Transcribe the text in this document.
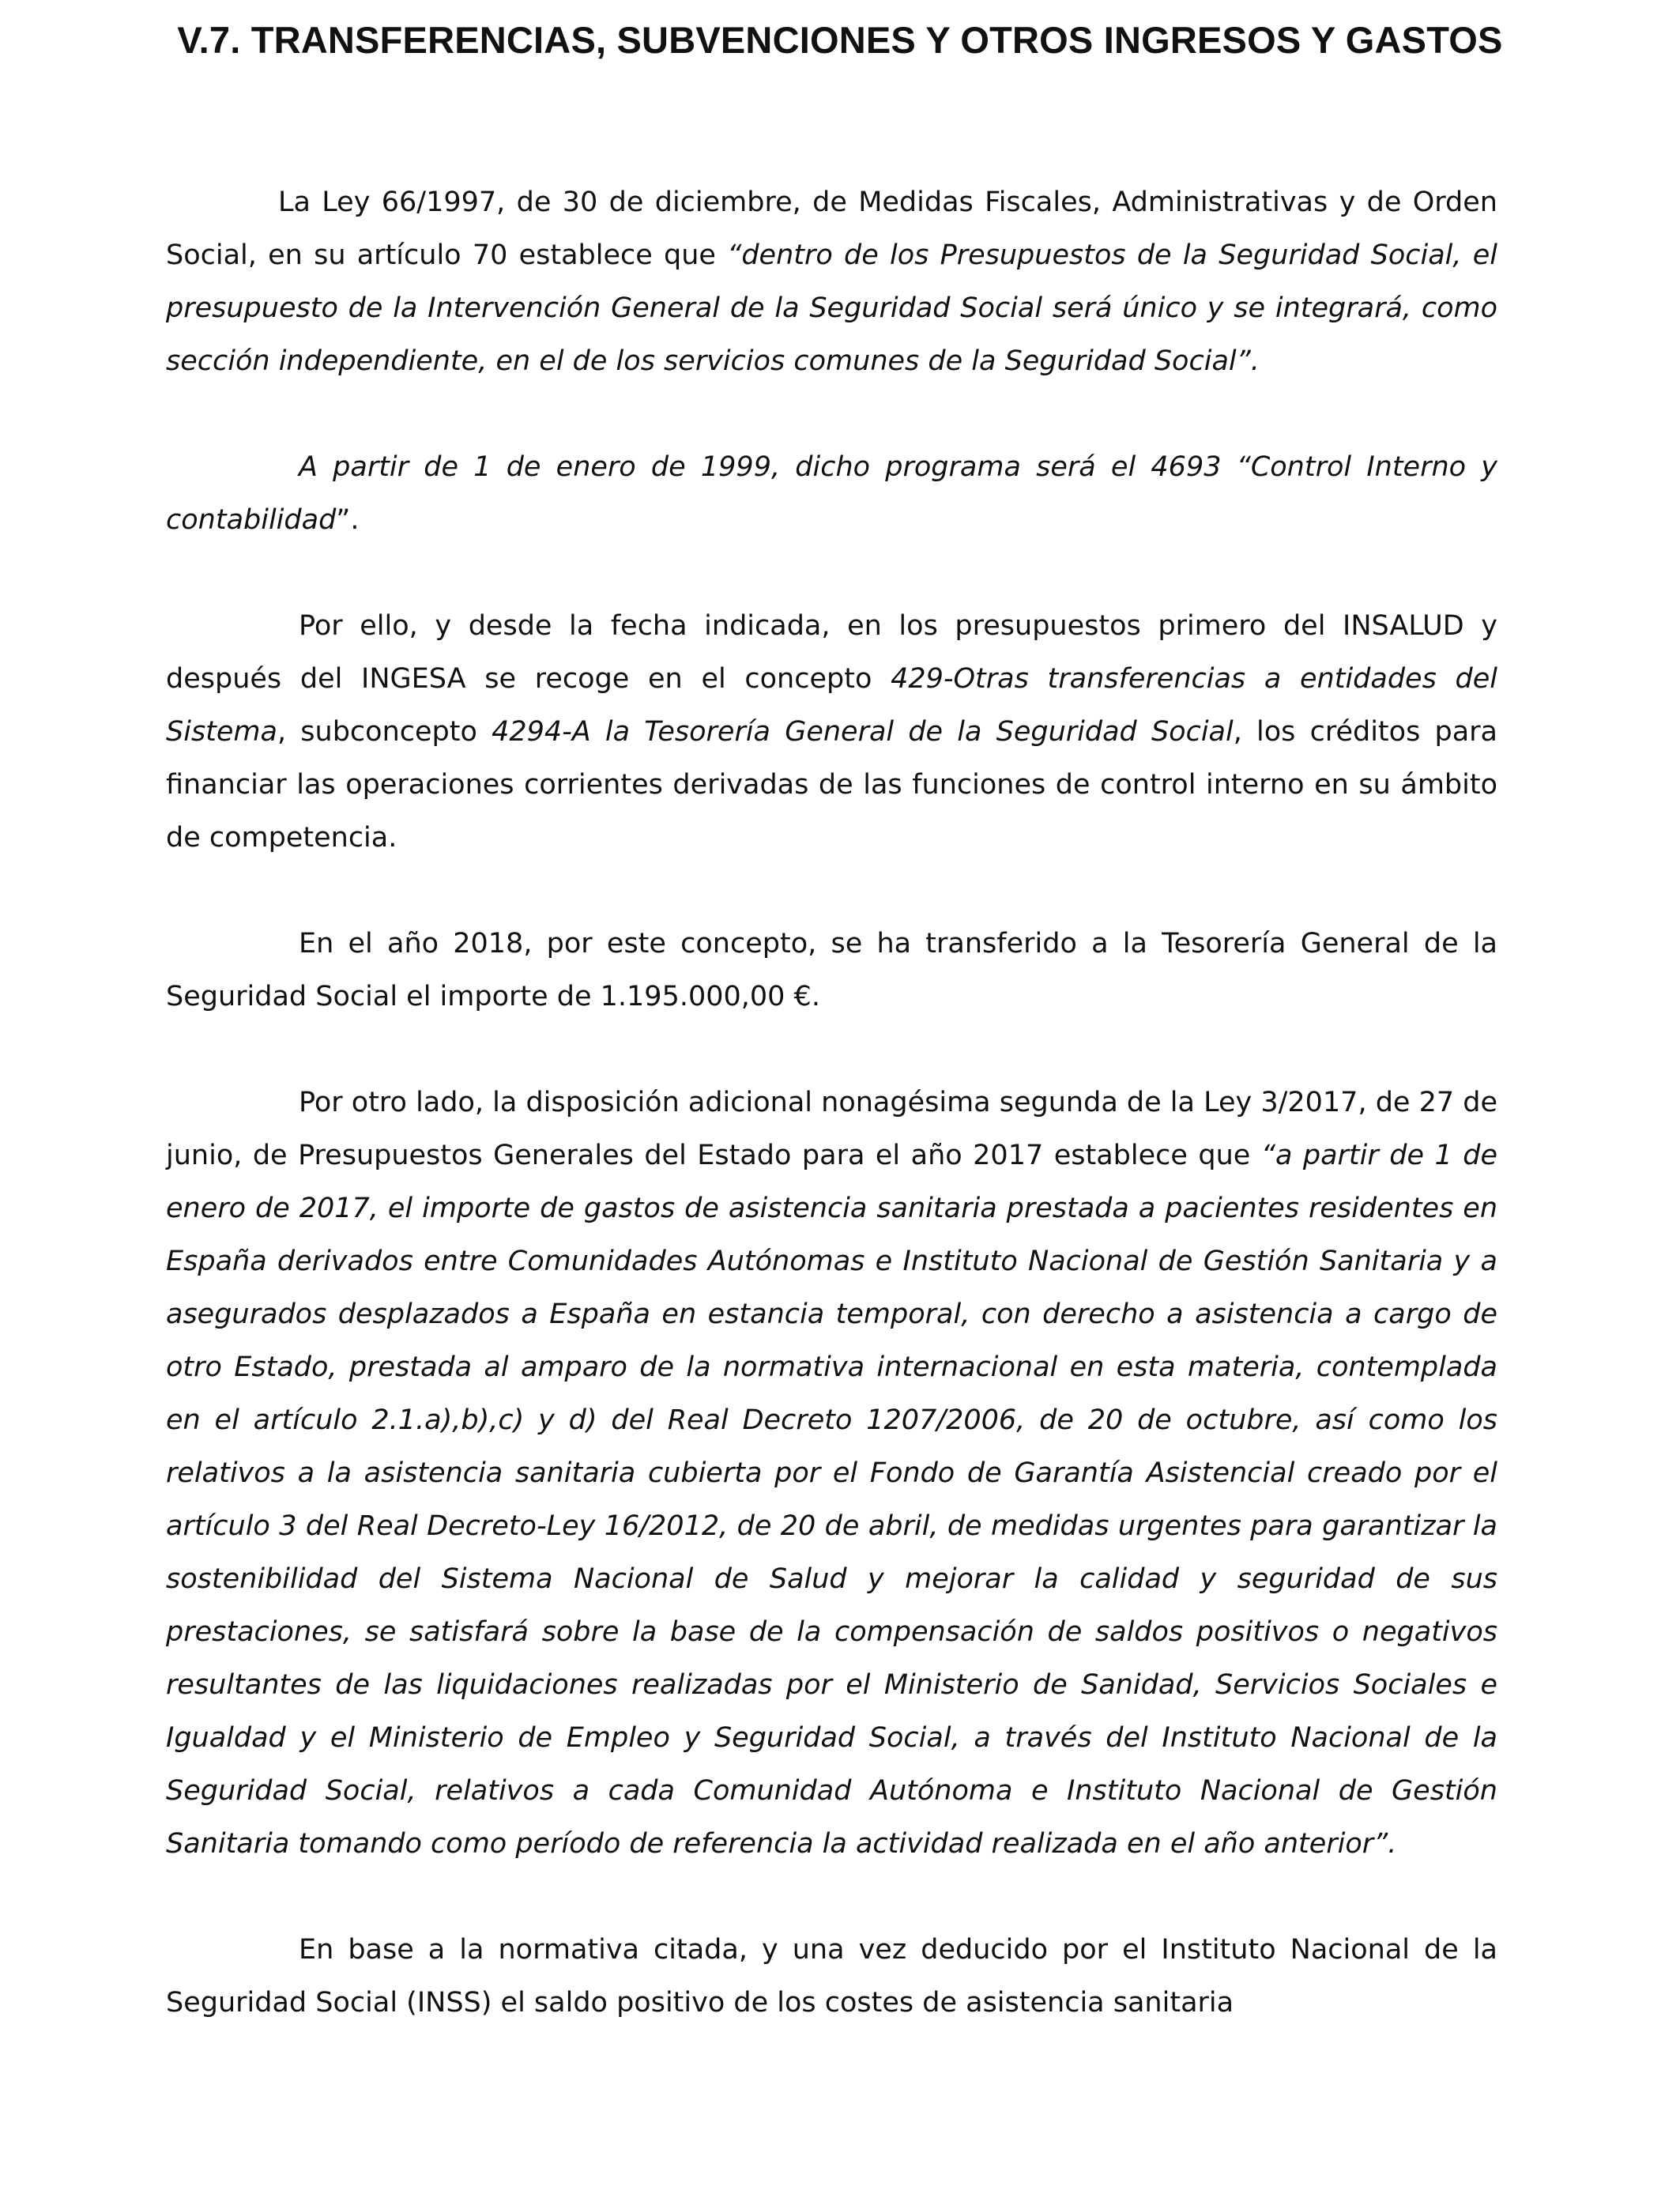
V.7. TRANSFERENCIAS, SUBVENCIONES Y OTROS INGRESOS Y GASTOS

La Ley 66/1997, de 30 de diciembre, de Medidas Fiscales, Administrativas y de Orden Social, en su artículo 70 establece que “dentro de los Presupuestos de la Seguridad Social, el presupuesto de la Intervención General de la Seguridad Social será único y se integrará, como sección independiente, en el de los servicios comunes de la Seguridad Social”.

A partir de 1 de enero de 1999, dicho programa será el 4693 “Control Interno y contabilidad”.

Por ello, y desde la fecha indicada, en los presupuestos primero del INSALUD y después del INGESA se recoge en el concepto 429-Otras transferencias a entidades del Sistema, subconcepto 4294-A la Tesorería General de la Seguridad Social, los créditos para financiar las operaciones corrientes derivadas de las funciones de control interno en su ámbito de competencia.

En el año 2018, por este concepto, se ha transferido a la Tesorería General de la Seguridad Social el importe de 1.195.000,00 €.

Por otro lado, la disposición adicional nonagésima segunda de la Ley 3/2017, de 27 de junio, de Presupuestos Generales del Estado para el año 2017 establece que “a partir de 1 de enero de 2017, el importe de gastos de asistencia sanitaria prestada a pacientes residentes en España derivados entre Comunidades Autónomas e Instituto Nacional de Gestión Sanitaria y a asegurados desplazados a España en estancia temporal, con derecho a asistencia a cargo de otro Estado, prestada al amparo de la normativa internacional en esta materia, contemplada en el artículo 2.1.a),b),c) y d) del Real Decreto 1207/2006, de 20 de octubre, así como los relativos a la asistencia sanitaria cubierta por el Fondo de Garantía Asistencial creado por el artículo 3 del Real Decreto-Ley 16/2012, de 20 de abril, de medidas urgentes para garantizar la sostenibilidad del Sistema Nacional de Salud y mejorar la calidad y seguridad de sus prestaciones, se satisfará sobre la base de la compensación de saldos positivos o negativos resultantes de las liquidaciones realizadas por el Ministerio de Sanidad, Servicios Sociales e Igualdad y el Ministerio de Empleo y Seguridad Social, a través del Instituto Nacional de la Seguridad Social, relativos a cada Comunidad Autónoma e Instituto Nacional de Gestión Sanitaria tomando como período de referencia la actividad realizada en el año anterior”.

En base a la normativa citada, y una vez deducido por el Instituto Nacional de la Seguridad Social (INSS) el saldo positivo de los costes de asistencia sanitaria
